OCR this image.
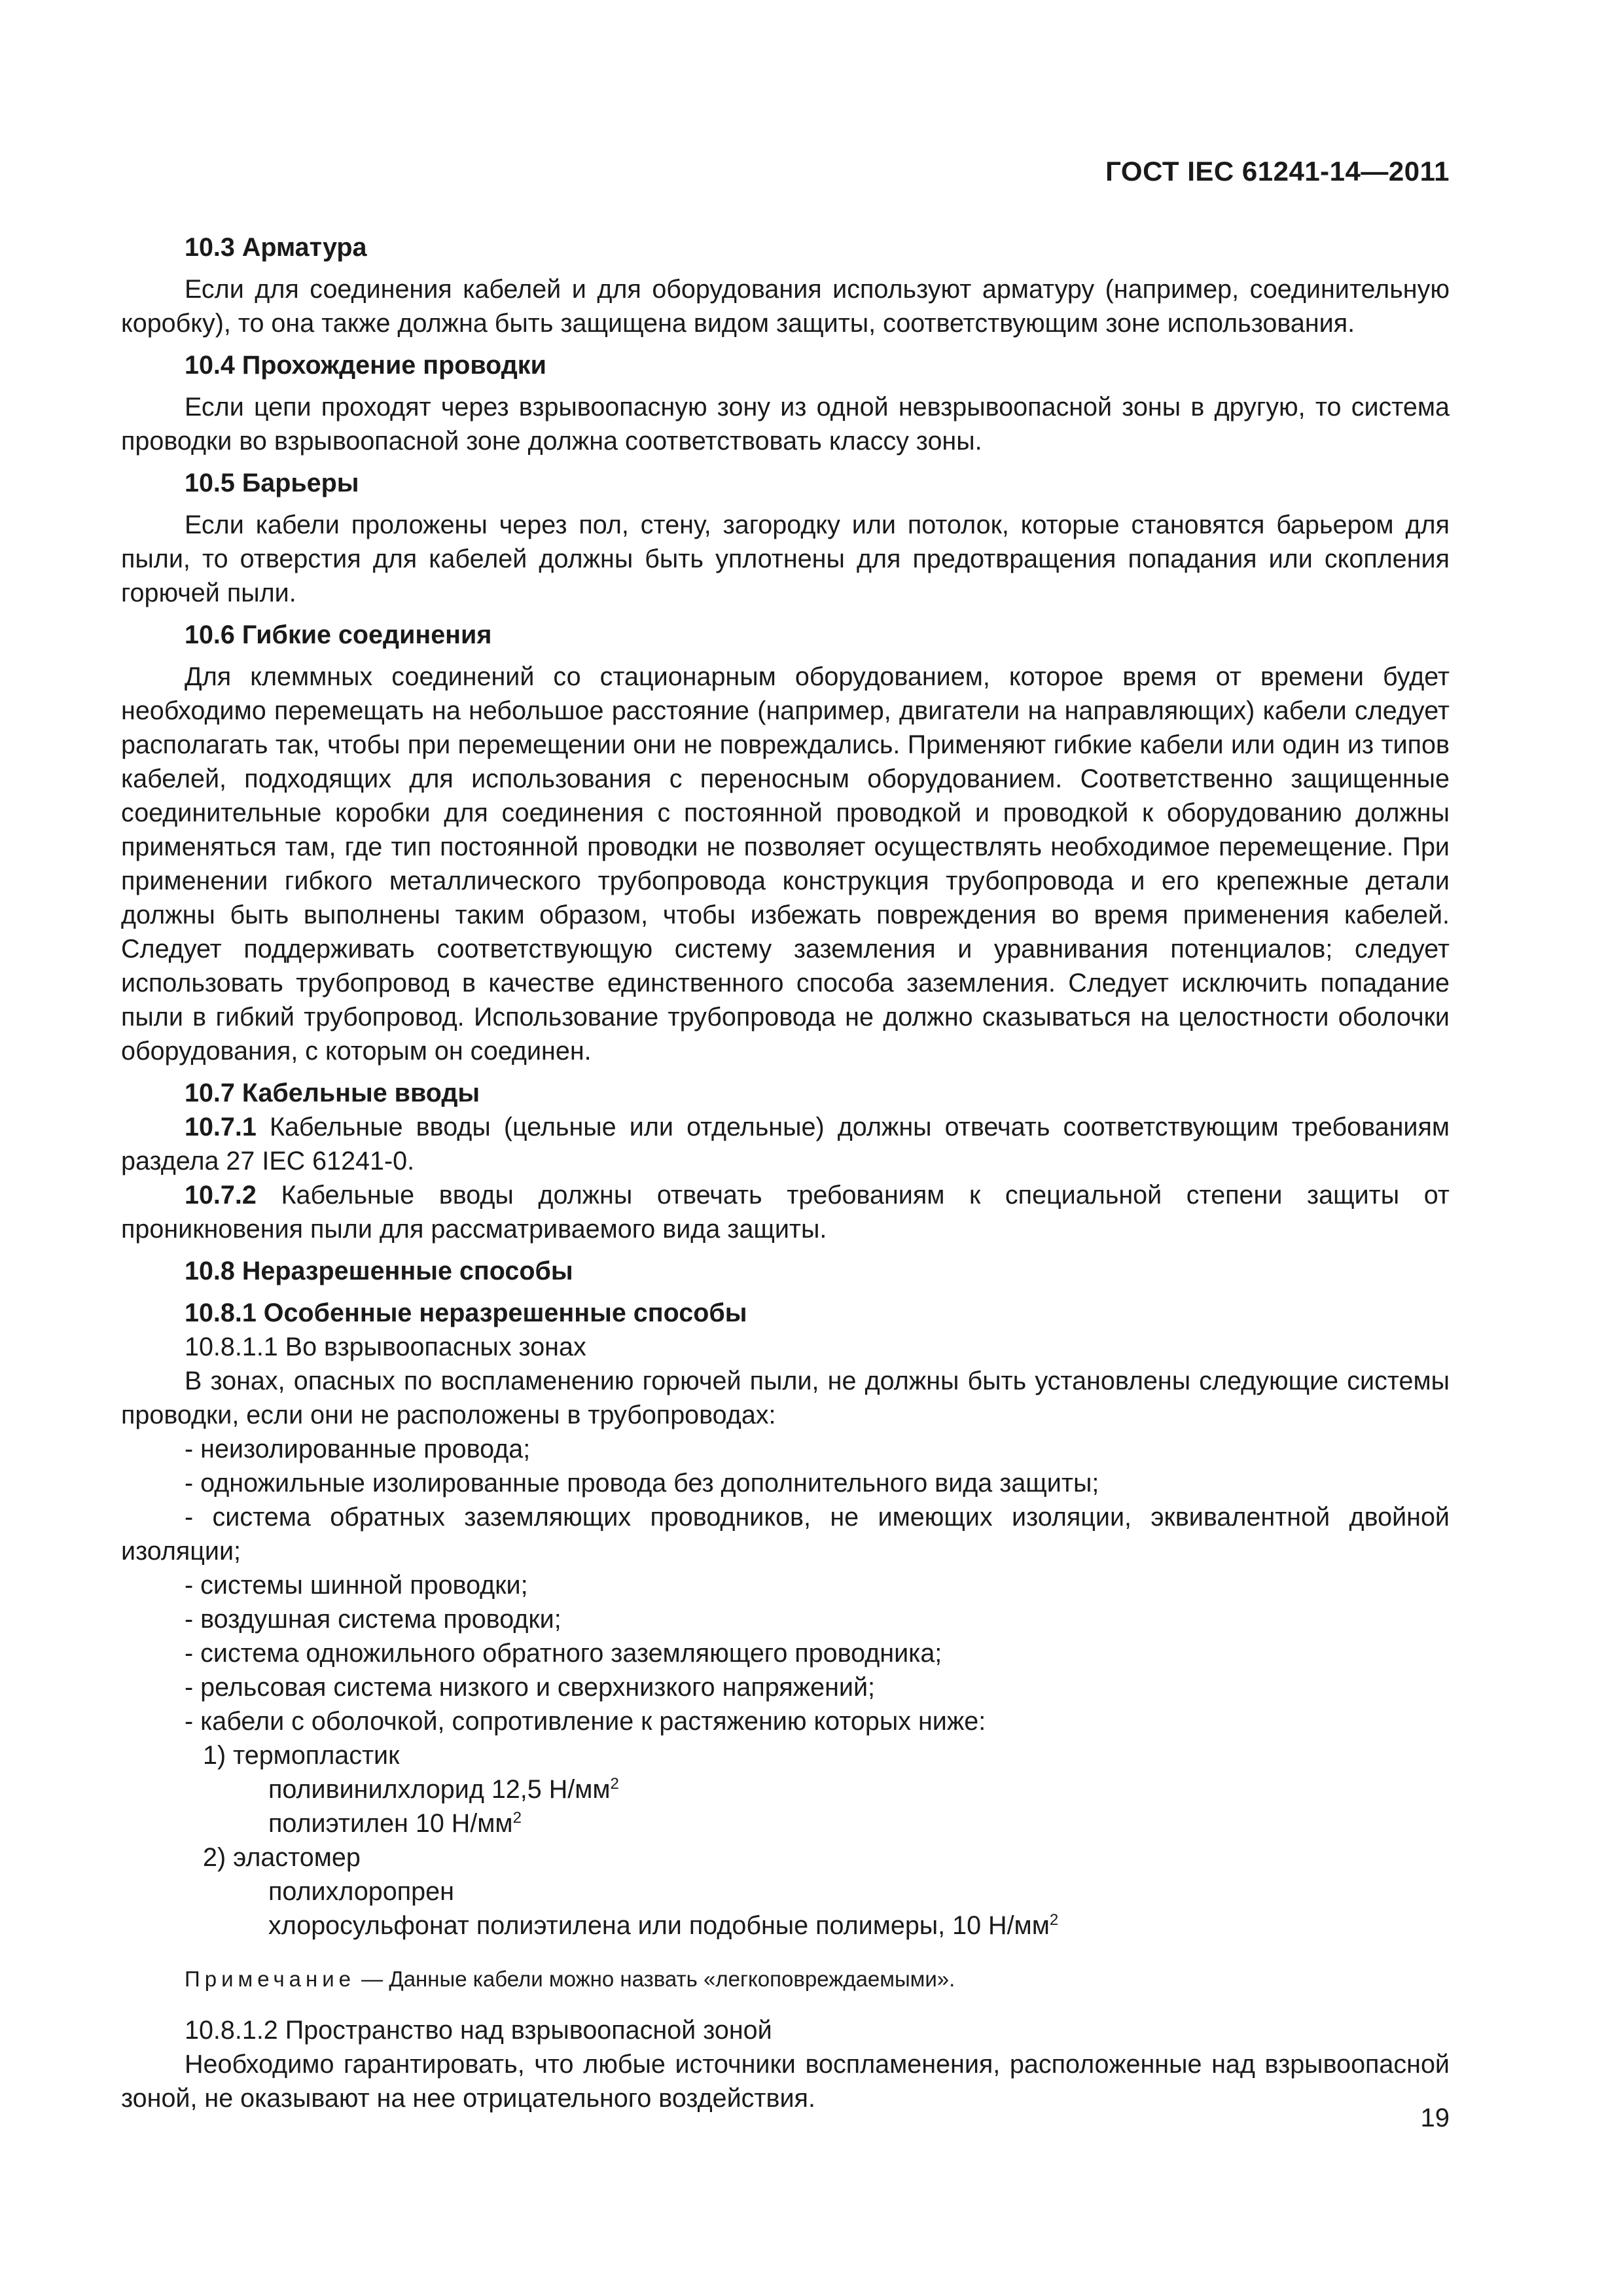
ГОСТ IEC 61241-14—2011

10.3 Арматура

Если для соединения кабелей и для оборудования используют арматуру (например, соединительную коробку), то она также должна быть защищена видом защиты, соответствующим зоне использования.

10.4 Прохождение проводки

Если цепи проходят через взрывоопасную зону из одной невзрывоопасной зоны в другую, то система проводки во взрывоопасной зоне должна соответствовать классу зоны.

10.5 Барьеры

Если кабели проложены через пол, стену, загородку или потолок, которые становятся барьером для пыли, то отверстия для кабелей должны быть уплотнены для предотвращения попадания или скопления горючей пыли.

10.6 Гибкие соединения

Для клеммных соединений со стационарным оборудованием, которое время от времени будет необходимо перемещать на небольшое расстояние (например, двигатели на направляющих) кабели следует располагать так, чтобы при перемещении они не повреждались. Применяют гибкие кабели или один из типов кабелей, подходящих для использования с переносным оборудованием. Соответственно защищенные соединительные коробки для соединения с постоянной проводкой и проводкой к оборудованию должны применяться там, где тип постоянной проводки не позволяет осуществлять необходимое перемещение. При применении гибкого металлического трубопровода конструкция трубопровода и его крепежные детали должны быть выполнены таким образом, чтобы избежать повреждения во время применения кабелей. Следует поддерживать соответствующую систему заземления и уравнивания потенциалов; следует использовать трубопровод в качестве единственного способа заземления. Следует исключить попадание пыли в гибкий трубопровод. Использование трубопровода не должно сказываться на целостности оболочки оборудования, с которым он соединен.

10.7 Кабельные вводы

10.7.1 Кабельные вводы (цельные или отдельные) должны отвечать соответствующим требованиям раздела 27 IEC 61241-0.

10.7.2 Кабельные вводы должны отвечать требованиям к специальной степени защиты от проникновения пыли для рассматриваемого вида защиты.

10.8 Неразрешенные способы

10.8.1 Особенные неразрешенные способы

10.8.1.1 Во взрывоопасных зонах

В зонах, опасных по воспламенению горючей пыли, не должны быть установлены следующие системы проводки, если они не расположены в трубопроводах:

- неизолированные провода;

- одножильные изолированные провода без дополнительного вида защиты;

- система обратных заземляющих проводников, не имеющих изоляции, эквивалентной двойной изоляции;

- системы шинной проводки;

- воздушная система проводки;

- система одножильного обратного заземляющего проводника;

- рельсовая система низкого и сверхнизкого напряжений;

- кабели с оболочкой, сопротивление к растяжению которых ниже:

1) термопластик

поливинилхлорид 12,5 $Н/мм^2$

полиэтилен 10 $Н/мм^2$

2) эластомер

полихлоропрен

хлоросульфонат полиэтилена или подобные полимеры, 10 $Н/мм^2$

Примечание — Данные кабели можно назвать «легкоповреждаемыми».

10.8.1.2 Пространство над взрывоопасной зоной

Необходимо гарантировать, что любые источники воспламенения, расположенные над взрывоопасной зоной, не оказывают на нее отрицательного воздействия.

19
